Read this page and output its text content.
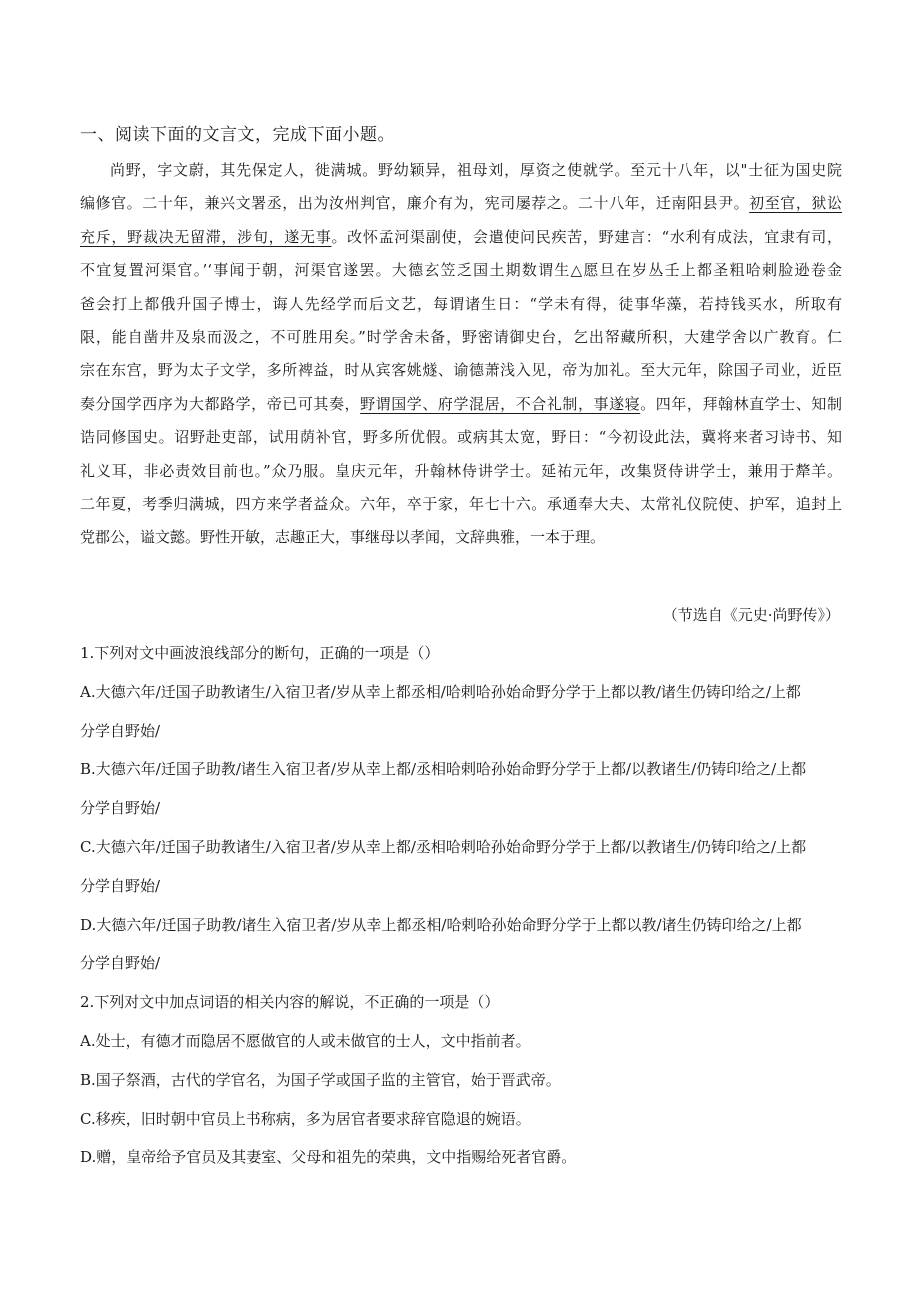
一、阅读下面的文言文，完成下面小题。
尚野，字文蔚，其先保定人，徙满城。野幼颖异，祖母刘，厚资之使就学。至元十八年，以"士征为国史院
编修官。二十年，兼兴文署丞，出为汝州判官，廉介有为，宪司屡荐之。二十八年，迁南阳县尹。初至官，狱讼
充斥，野裁决无留滞，涉旬，遂无事。改怀孟河渠副使，会遣使问民疾苦，野建言：“水利有成法，宜隶有司，
不宜复置河渠官。’‘事闻于朝，河渠官遂罢。大德玄笠乏国土期数谓生△愿旦在岁丛壬上都圣粗哈刺脸逊卷金
爸会打上都俄升国子博士，诲人先经学而后文艺，每谓诸生日：“学未有得，徒事华藻，若持钱买水，所取有
限，能自凿井及泉而汲之，不可胜用矣。”时学舍未备，野密请御史台，乞出帑藏所积，大建学舍以广教育。仁
宗在东宫，野为太子文学，多所裨益，时从宾客姚燧、谕德萧浅入见，帝为加礼。至大元年，除国子司业，近臣
奏分国学西序为大都路学，帝已可其奏，野谓国学、府学混居，不合礼制，事遂寝。四年，拜翰林直学士、知制
诰同修国史。诏野赴吏部，试用荫补官，野多所优假。或病其太宽，野日：“今初设此法，冀将来者习诗书、知
礼义耳，非必责效目前也。”众乃服。皇庆元年，升翰林侍讲学士。延祐元年，改集贤侍讲学士，兼用于犛羊。
二年夏，考季归满城，四方来学者益众。六年，卒于家，年七十六。承通奉大夫、太常礼仪院使、护军，追封上
党郡公，谥文懿。野性开敏，志趣正大，事继母以孝闻，文辞典雅，一本于理。
（节选自《元史·尚野传》）
1.下列对文中画波浪线部分的断句，正确的一项是（）
A.大德六年/迁国子助教诸生/入宿卫者/岁从幸上都丞相/哈剌哈孙始命野分学于上都以教/诸生仍铸印给之/上都
分学自野始/
B.大德六年/迁国子助教/诸生入宿卫者/岁从幸上都/丞相哈剌哈孙始命野分学于上都/以教诸生/仍铸印给之/上都
分学自野始/
C.大德六年/迁国子助教诸生/入宿卫者/岁从幸上都/丞相哈剌哈孙始命野分学于上都/以教诸生/仍铸印给之/上都
分学自野始/
D.大德六年/迁国子助教/诸生入宿卫者/岁从幸上都丞相/哈剌哈孙始命野分学于上都以教/诸生仍铸印给之/上都
分学自野始/
2.下列对文中加点词语的相关内容的解说，不正确的一项是（）
A.处士，有德才而隐居不愿做官的人或未做官的士人，文中指前者。
B.国子祭酒，古代的学官名，为国子学或国子监的主管官，始于晋武帝。
C.移疾，旧时朝中官员上书称病，多为居官者要求辞官隐退的婉语。
D.赠，皇帝给予官员及其妻室、父母和祖先的荣典，文中指赐给死者官爵。
